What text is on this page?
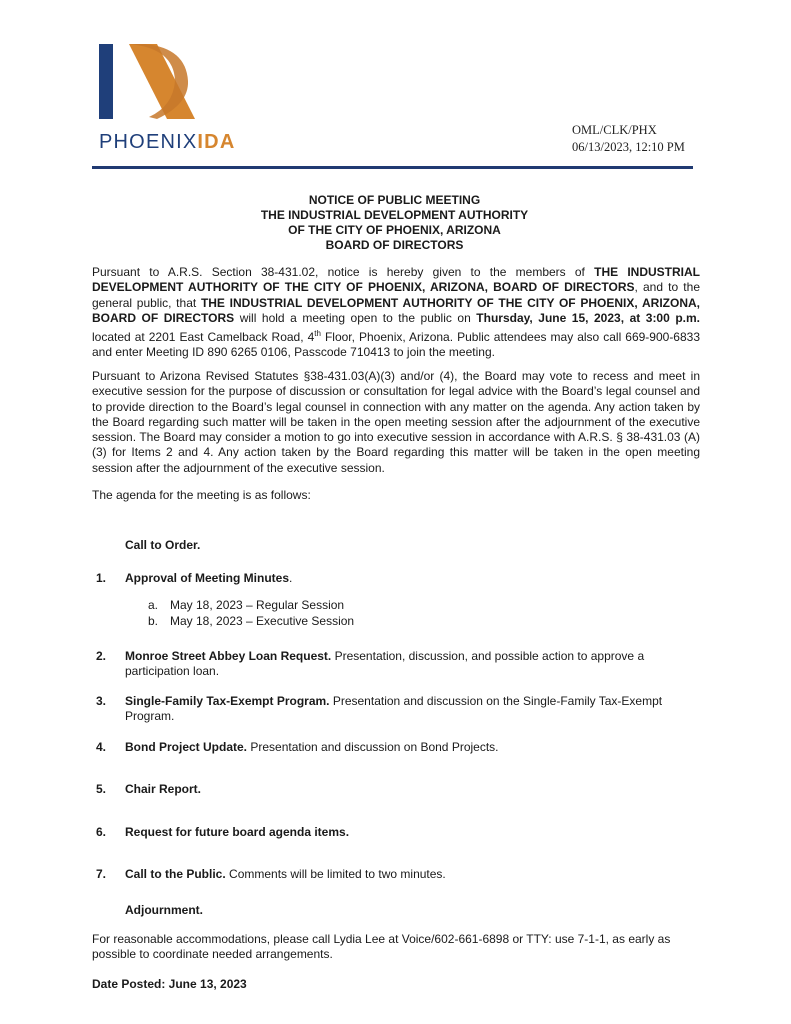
PHOENIXIDA
OML/CLK/PHX
06/13/2023, 12:10 PM
NOTICE OF PUBLIC MEETING
THE INDUSTRIAL DEVELOPMENT AUTHORITY
OF THE CITY OF PHOENIX, ARIZONA
BOARD OF DIRECTORS
Pursuant to A.R.S. Section 38-431.02, notice is hereby given to the members of THE INDUSTRIAL DEVELOPMENT AUTHORITY OF THE CITY OF PHOENIX, ARIZONA, BOARD OF DIRECTORS, and to the general public, that THE INDUSTRIAL DEVELOPMENT AUTHORITY OF THE CITY OF PHOENIX, ARIZONA, BOARD OF DIRECTORS will hold a meeting open to the public on Thursday, June 15, 2023, at 3:00 p.m. located at 2201 East Camelback Road, 4th Floor, Phoenix, Arizona. Public attendees may also call 669-900-6833 and enter Meeting ID 890 6265 0106, Passcode 710413 to join the meeting.
Pursuant to Arizona Revised Statutes §38-431.03(A)(3) and/or (4), the Board may vote to recess and meet in executive session for the purpose of discussion or consultation for legal advice with the Board’s legal counsel and to provide direction to the Board’s legal counsel in connection with any matter on the agenda. Any action taken by the Board regarding such matter will be taken in the open meeting session after the adjournment of the executive session. The Board may consider a motion to go into executive session in accordance with A.R.S. § 38-431.03 (A)(3) for Items 2 and 4. Any action taken by the Board regarding this matter will be taken in the open meeting session after the adjournment of the executive session.
The agenda for the meeting is as follows:
Call to Order.
1. Approval of Meeting Minutes.
a. May 18, 2023 – Regular Session
b. May 18, 2023 – Executive Session
2. Monroe Street Abbey Loan Request. Presentation, discussion, and possible action to approve a participation loan.
3. Single-Family Tax-Exempt Program. Presentation and discussion on the Single-Family Tax-Exempt Program.
4. Bond Project Update. Presentation and discussion on Bond Projects.
5. Chair Report.
6. Request for future board agenda items.
7. Call to the Public. Comments will be limited to two minutes.
Adjournment.
For reasonable accommodations, please call Lydia Lee at Voice/602-661-6898 or TTY: use 7-1-1, as early as possible to coordinate needed arrangements.
Date Posted: June 13, 2023
